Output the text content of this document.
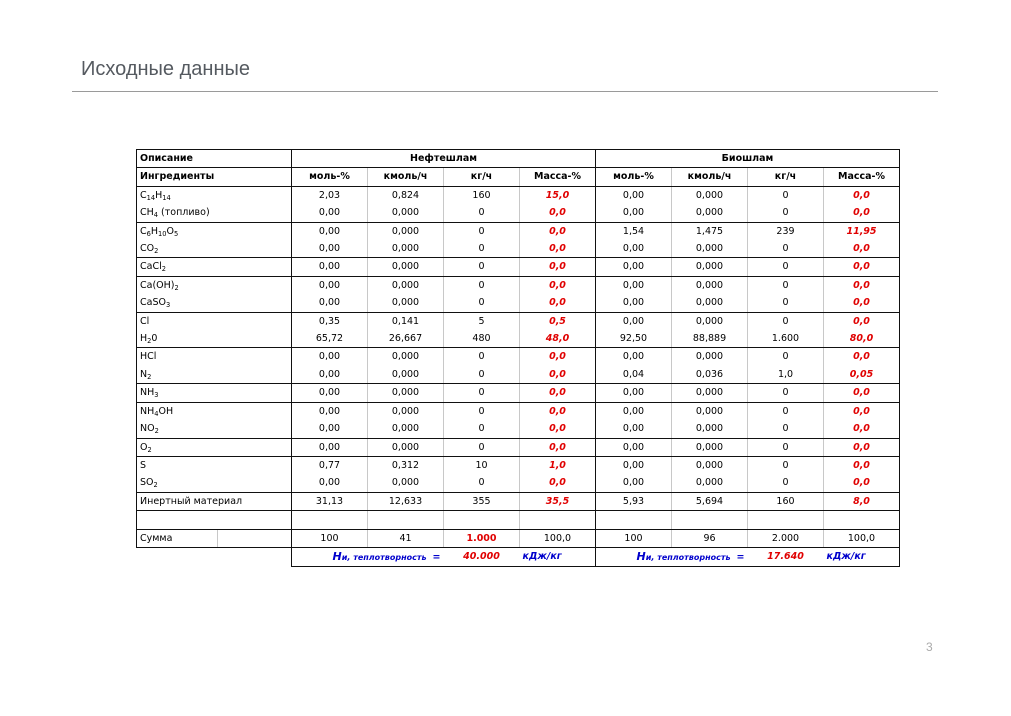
Исходные данные
Описание		Нефтешлам				Биошлам			
Ингредиенты		моль-%	кмоль/ч	кг/ч	Масса-%	моль-%	кмоль/ч	кг/ч	Масса-%
$C_{14}H_{14}$		2,03	0,824	160	15,0	0,00	0,000	0	0,0
$CH_4$ (топливо)		0,00	0,000	0	0,0	0,00	0,000	0	0,0
$C_6H_{10}O_5$		0,00	0,000	0	0,0	1,54	1,475	239	11,95
$CO_2$		0,00	0,000	0	0,0	0,00	0,000	0	0,0
CaCl$_2$		0,00	0,000	0	0,0	0,00	0,000	0	0,0
$Ca(OH)_2$		0,00	0,000	0	0,0	0,00	0,000	0	0,0
CaSO$_3$		0,00	0,000	0	0,0	0,00	0,000	0	0,0
Cl		0,35	0,141	5	0,5	0,00	0,000	0	0,0
$H_20$		65,72	26,667	480	48,0	92,50	88,889	1.600	80,0
HCl		0,00	0,000	0	0,0	0,00	0,000	0	0,0
$N_2$		0,00	0,000	0	0,0	0,04	0,036	1,0	0,05
$NH_3$		0,00	0,000	0	0,0	0,00	0,000	0	0,0
$NH_4OH$		0,00	0,000	0	0,0	0,00	0,000	0	0,0
$NO_2$		0,00	0,000	0	0,0	0,00	0,000	0	0,0
$O_2$		0,00	0,000	0	0,0	0,00	0,000	0	0,0
S		0,77	0,312	10	1,0	0,00	0,000	0	0,0
$SO_2$		0,00	0,000	0	0,0	0,00	0,000	0	0,0
Инертный материал		31,13	12,633	355	35,5	5,93	5,694	160	8,0

Сумма		100	41	1.000	100,0	100	96	2.000	100,0
		Hи, теплотворность =		40.000	кДж/кг	Hи, теплотворность =		17.640	кДж/кг
3
